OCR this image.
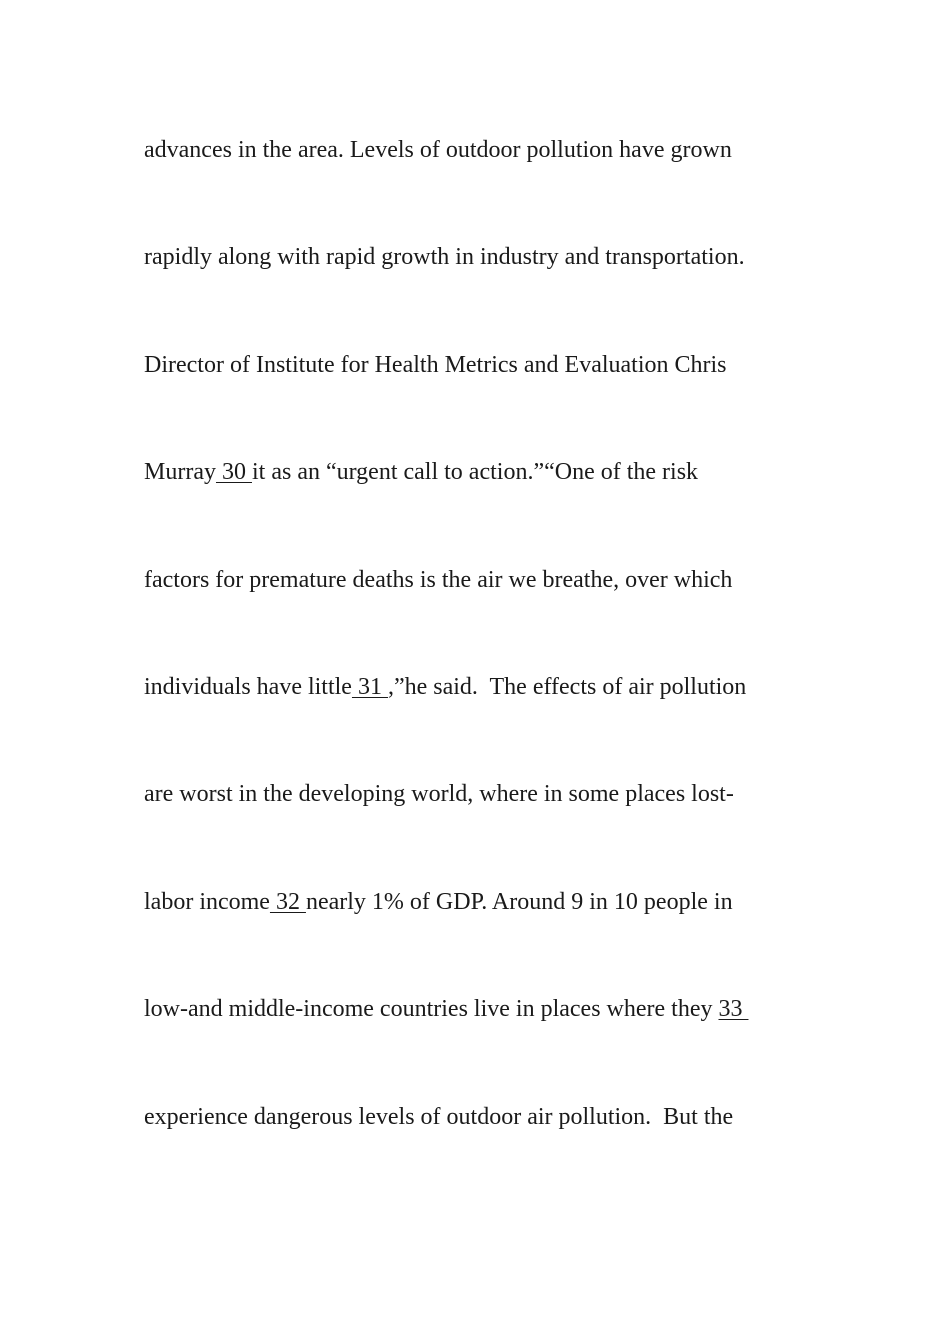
advances in the area. Levels of outdoor pollution have grown
rapidly along with rapid growth in industry and transportation.
Director of Institute for Health Metrics and Evaluation Chris
Murray 30 it as an “urgent call to action.”“One of the risk
factors for premature deaths is the air we breathe, over which
individuals have little 31 ,”he said.  The effects of air pollution
are worst in the developing world, where in some places lost-
labor income 32 nearly 1% of GDP. Around 9 in 10 people in
low-and middle-income countries live in places where they 33
experience dangerous levels of outdoor air pollution.  But the
